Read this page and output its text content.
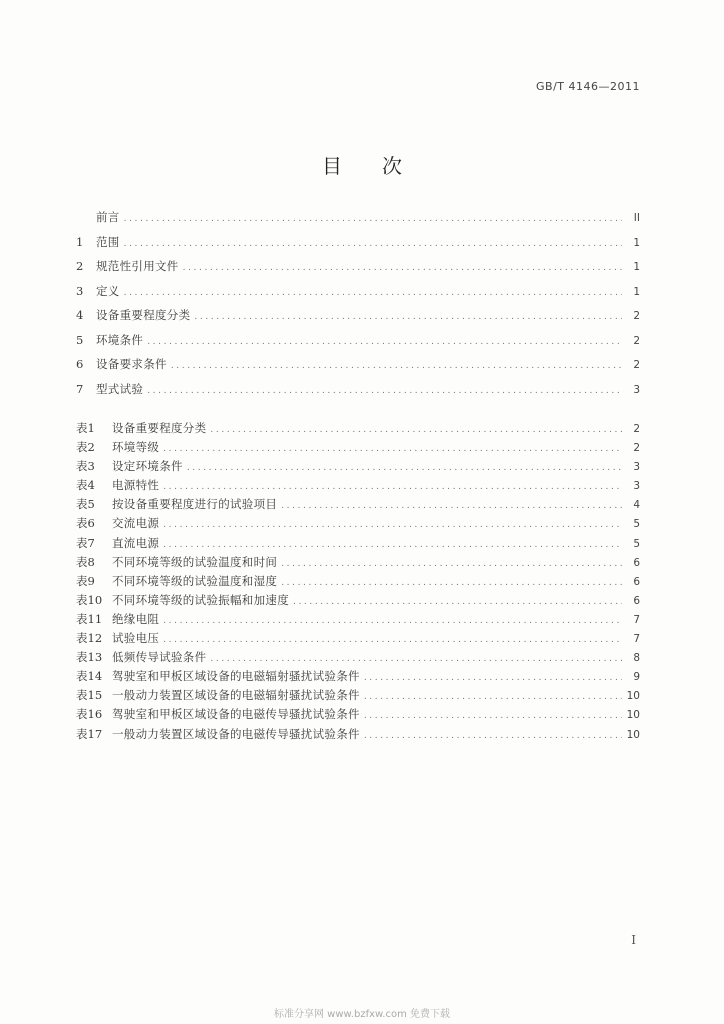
GB/T 4146—2011
目次
前言 .....	II
1	范围 .....	1
2	规范性引用文件 .....	1
3	定义 .....	1
4	设备重要程度分类 .....	2
5	环境条件 .....	2
6	设备要求条件 .....	2
7	型式试验 .....	3
表1	设备重要程度分类 .....	2
表2	环境等级 .....	2
表3	设定环境条件 .....	3
表4	电源特性 .....	3
表5	按设备重要程度进行的试验项目 .....	4
表6	交流电源 .....	5
表7	直流电源 .....	5
表8	不同环境等级的试验温度和时间 .....	6
表9	不同环境等级的试验温度和湿度 .....	6
表10 不同环境等级的试验振幅和加速度 .....	6
表11 绝缘电阻 .....	7
表12 试验电压 .....	7
表13 低频传导试验条件 .....	8
表14 驾驶室和甲板区域设备的电磁辐射骚扰试验条件 .....	9
表15 一般动力装置区域设备的电磁辐射骚扰试验条件 .....	10
表16 驾驶室和甲板区域设备的电磁传导骚扰试验条件 .....	10
表17 一般动力装置区域设备的电磁传导骚扰试验条件 .....	10
I
标准分享网 www.bzfxw.com 免费下载
